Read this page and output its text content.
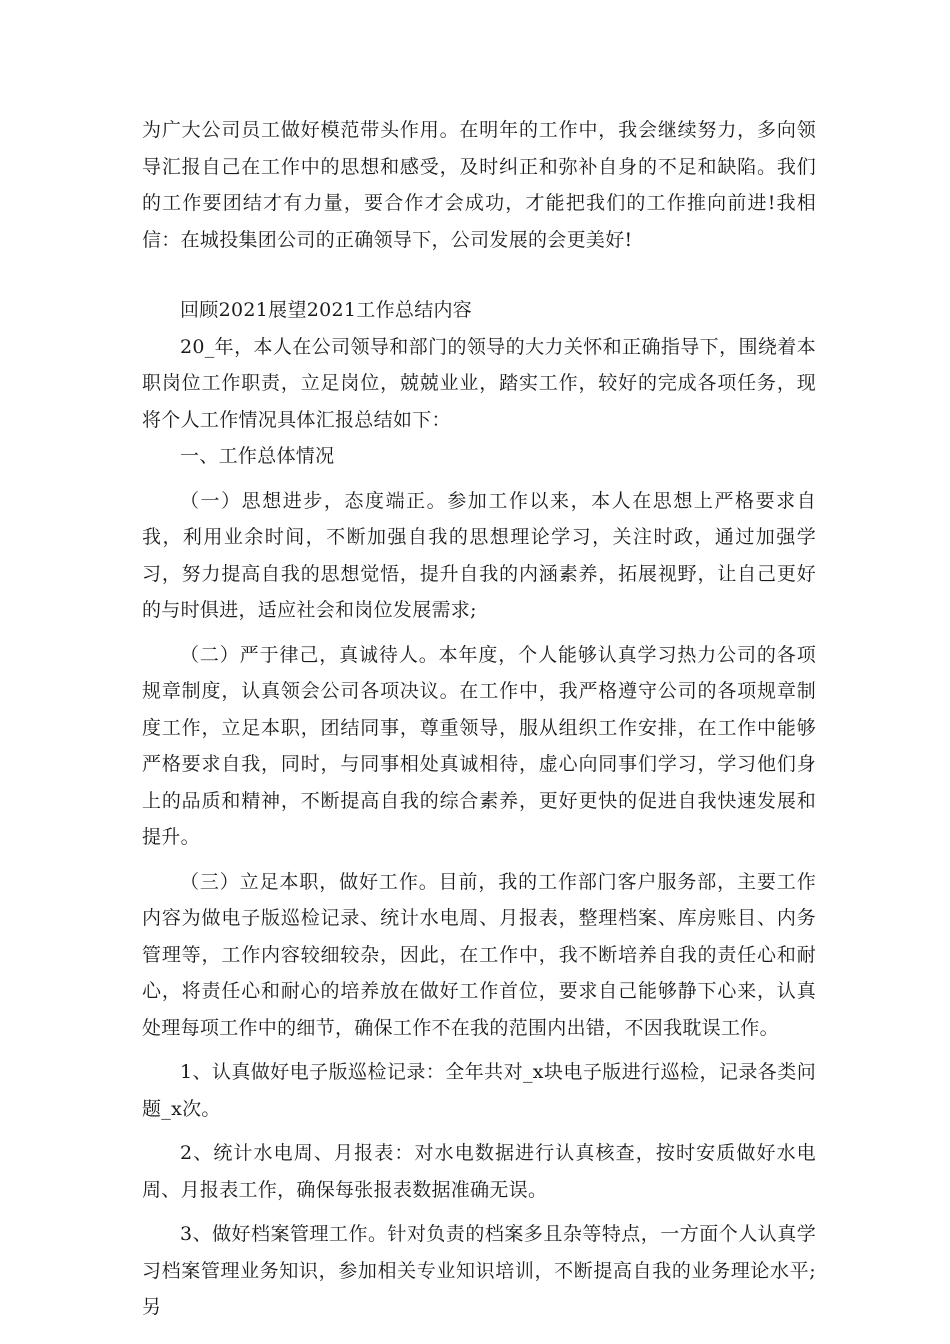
为广大公司员工做好模范带头作用。在明年的工作中，我会继续努力，多向领导汇报自己在工作中的思想和感受，及时纠正和弥补自身的不足和缺陷。我们的工作要团结才有力量，要合作才会成功，才能把我们的工作推向前进!我相信：在城投集团公司的正确领导下，公司发展的会更美好!

回顾2021展望2021工作总结内容

20_年，本人在公司领导和部门的领导的大力关怀和正确指导下，围绕着本职岗位工作职责，立足岗位，兢兢业业，踏实工作，较好的完成各项任务，现将个人工作情况具体汇报总结如下：

一、工作总体情况

（一）思想进步，态度端正。参加工作以来，本人在思想上严格要求自我，利用业余时间，不断加强自我的思想理论学习，关注时政，通过加强学习，努力提高自我的思想觉悟，提升自我的内涵素养，拓展视野，让自己更好的与时俱进，适应社会和岗位发展需求;

（二）严于律己，真诚待人。本年度，个人能够认真学习热力公司的各项规章制度，认真领会公司各项决议。在工作中，我严格遵守公司的各项规章制度工作，立足本职，团结同事，尊重领导，服从组织工作安排，在工作中能够严格要求自我，同时，与同事相处真诚相待，虚心向同事们学习，学习他们身上的品质和精神，不断提高自我的综合素养，更好更快的促进自我快速发展和提升。

（三）立足本职，做好工作。目前，我的工作部门客户服务部，主要工作内容为做电子版巡检记录、统计水电周、月报表，整理档案、库房账目、内务管理等，工作内容较细较杂，因此，在工作中，我不断培养自我的责任心和耐心，将责任心和耐心的培养放在做好工作首位，要求自己能够静下心来，认真处理每项工作中的细节，确保工作不在我的范围内出错，不因我耽误工作。

1、认真做好电子版巡检记录：全年共对_x块电子版进行巡检，记录各类问题_x次。

2、统计水电周、月报表：对水电数据进行认真核查，按时安质做好水电周、月报表工作，确保每张报表数据准确无误。

3、做好档案管理工作。针对负责的档案多且杂等特点，一方面个人认真学习档案管理业务知识，参加相关专业知识培训，不断提高自我的业务理论水平;另
